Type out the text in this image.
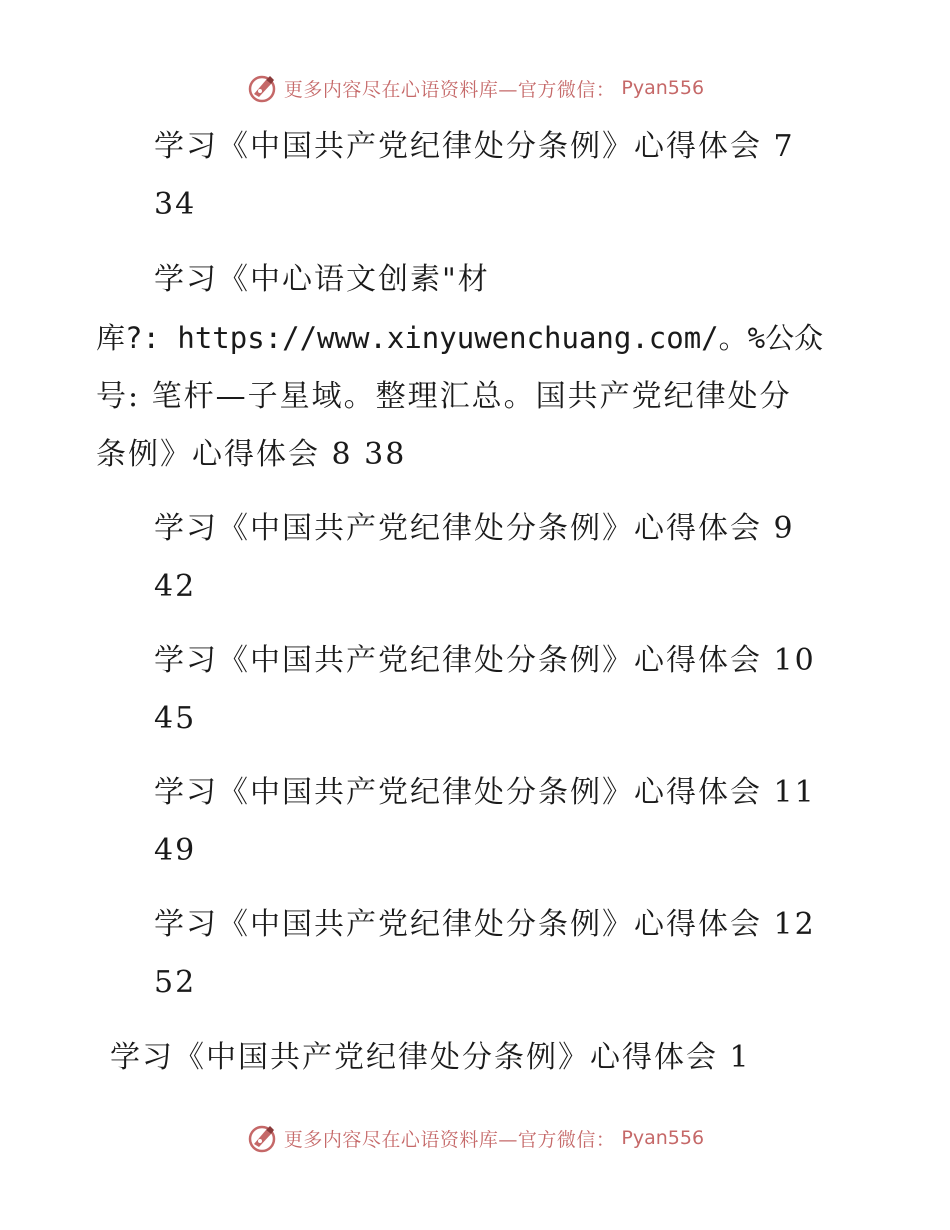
更多内容尽在心语资料库—官方微信： Pyan556
学习《中国共产党纪律处分条例》心得体会 7
34
学习《中心语文创素"材
库?: https://www.xinyuwenchuang.com/。%公众
号: 笔杆—子星域。整理汇总。国共产党纪律处分
条例》心得体会 8 38
学习《中国共产党纪律处分条例》心得体会 9
42
学习《中国共产党纪律处分条例》心得体会 10
45
学习《中国共产党纪律处分条例》心得体会 11
49
学习《中国共产党纪律处分条例》心得体会 12
52
学习《中国共产党纪律处分条例》心得体会 1
更多内容尽在心语资料库—官方微信： Pyan556
